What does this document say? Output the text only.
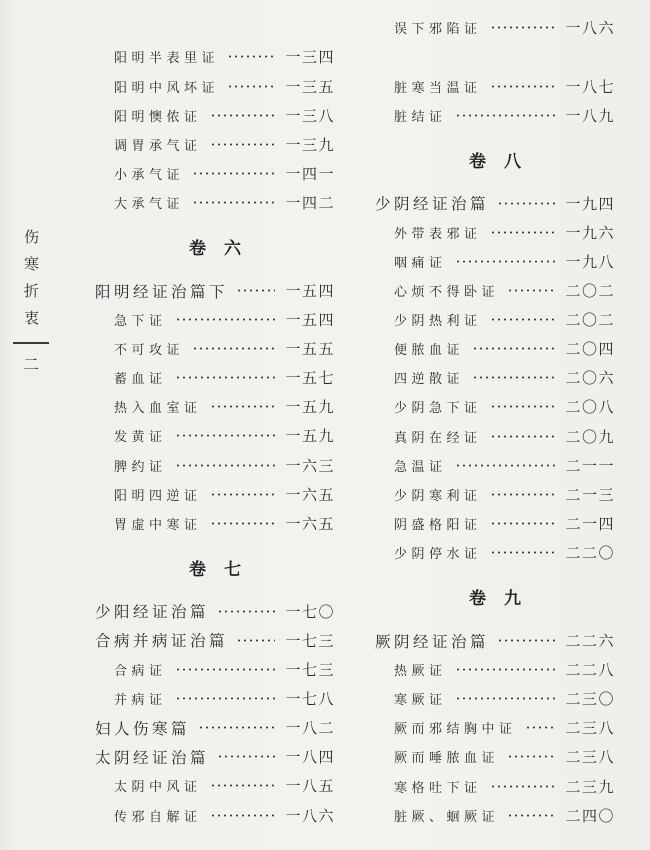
伤寒折衷
二
阳明半表里证	一三四
阳明中风坏证	一三五
阳明懊侬证	一三八
调胃承气证	一三九
小承气证	一四一
大承气证	一四二
卷 六
阳明经证治篇下	一五四
急下证	一五四
不可攻证	一五五
蓄血证	一五七
热入血室证	一五九
发黄证	一五九
脾约证	一六三
阳明四逆证	一六五
胃虚中寒证	一六五
卷 七
少阳经证治篇	一七〇
合病并病证治篇	一七三
合病证	一七三
并病证	一七八
妇人伤寒篇	一八二
太阴经证治篇	一八四
太阴中风证	一八五
传邪自解证	一八六
误下邪陷证	一八六
脏寒当温证	一八七
脏结证	一八九
卷 八
少阴经证治篇	一九四
外带表邪证	一九六
咽痛证	一九八
心烦不得卧证	二〇二
少阴热利证	二〇二
便脓血证	二〇四
四逆散证	二〇六
少阴急下证	二〇八
真阴在经证	二〇九
急温证	二一一
少阴寒利证	二一三
阴盛格阳证	二一四
少阴停水证	二二〇
卷 九
厥阴经证治篇	二二六
热厥证	二二八
寒厥证	二三〇
厥而邪结胸中证	二三八
厥而唾脓血证	二三八
寒格吐下证	二三九
脏厥、蛔厥证	二四〇
